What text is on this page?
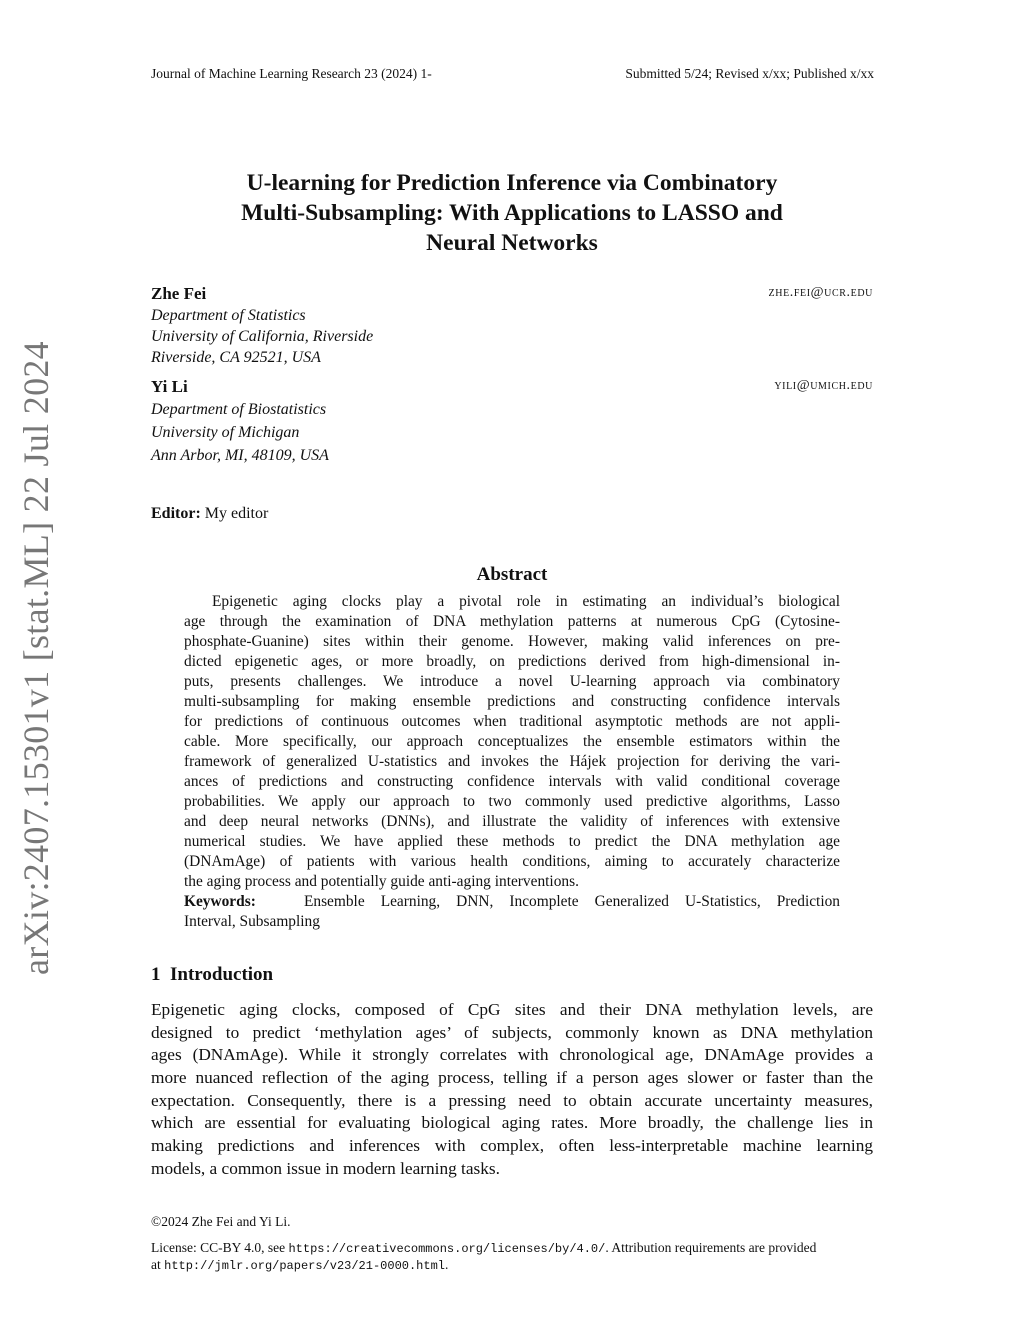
Journal of Machine Learning Research 23 (2024) 1-	Submitted 5/24; Revised x/xx; Published x/xx
arXiv:2407.15301v1 [stat.ML] 22 Jul 2024
U-learning for Prediction Inference via Combinatory
Multi-Subsampling: With Applications to LASSO and
Neural Networks
Zhe Fei	zhe.fei@ucr.edu
Department of Statistics
University of California, Riverside
Riverside, CA 92521, USA
Yi Li	yili@umich.edu
Department of Biostatistics
University of Michigan
Ann Arbor, MI, 48109, USA
Editor: My editor
Abstract
Epigenetic aging clocks play a pivotal role in estimating an individual’s biological
age through the examination of DNA methylation patterns at numerous CpG (Cytosine-
phosphate-Guanine) sites within their genome. However, making valid inferences on pre-
dicted epigenetic ages, or more broadly, on predictions derived from high-dimensional in-
puts, presents challenges. We introduce a novel U-learning approach via combinatory
multi-subsampling for making ensemble predictions and constructing confidence intervals
for predictions of continuous outcomes when traditional asymptotic methods are not appli-
cable. More specifically, our approach conceptualizes the ensemble estimators within the
framework of generalized U-statistics and invokes the Hájek projection for deriving the vari-
ances of predictions and constructing confidence intervals with valid conditional coverage
probabilities. We apply our approach to two commonly used predictive algorithms, Lasso
and deep neural networks (DNNs), and illustrate the validity of inferences with extensive
numerical studies. We have applied these methods to predict the DNA methylation age
(DNAmAge) of patients with various health conditions, aiming to accurately characterize
the aging process and potentially guide anti-aging interventions.
Keywords:	Ensemble Learning, DNN, Incomplete Generalized U-Statistics, Prediction
Interval, Subsampling
1 Introduction
Epigenetic aging clocks, composed of CpG sites and their DNA methylation levels, are
designed to predict ‘methylation ages’ of subjects, commonly known as DNA methylation
ages (DNAmAge). While it strongly correlates with chronological age, DNAmAge provides a
more nuanced reflection of the aging process, telling if a person ages slower or faster than the
expectation. Consequently, there is a pressing need to obtain accurate uncertainty measures,
which are essential for evaluating biological aging rates. More broadly, the challenge lies in
making predictions and inferences with complex, often less-interpretable machine learning
models, a common issue in modern learning tasks.
©2024 Zhe Fei and Yi Li.
License: CC-BY 4.0, see https://creativecommons.org/licenses/by/4.0/. Attribution requirements are provided
at http://jmlr.org/papers/v23/21-0000.html.
